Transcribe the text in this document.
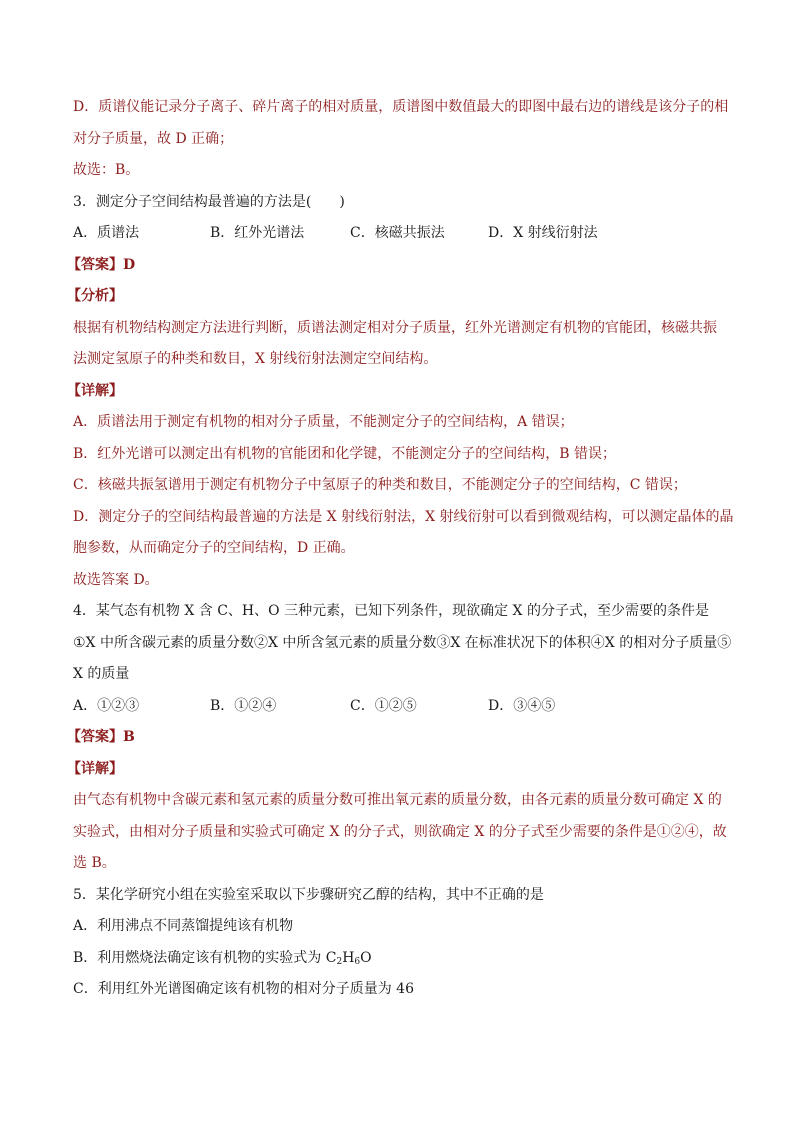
D．质谱仪能记录分子离子、碎片离子的相对质量，质谱图中数值最大的即图中最右边的谱线是该分子的相
对分子质量，故 D 正确；
故选：B。
3．测定分子空间结构最普遍的方法是(　　)
A．质谱法	B．红外光谱法	C．核磁共振法	D．X 射线衍射法
【答案】D
【分析】
根据有机物结构测定方法进行判断，质谱法测定相对分子质量，红外光谱测定有机物的官能团，核磁共振
法测定氢原子的种类和数目，X 射线衍射法测定空间结构。
【详解】
A．质谱法用于测定有机物的相对分子质量，不能测定分子的空间结构，A 错误；
B．红外光谱可以测定出有机物的官能团和化学键，不能测定分子的空间结构，B 错误；
C．核磁共振氢谱用于测定有机物分子中氢原子的种类和数目，不能测定分子的空间结构，C 错误；
D．测定分子的空间结构最普遍的方法是 X 射线衍射法，X 射线衍射可以看到微观结构，可以测定晶体的晶
胞参数，从而确定分子的空间结构，D 正确。
故选答案 D。
4．某气态有机物 X 含 C、H、O 三种元素，已知下列条件，现欲确定 X 的分子式，至少需要的条件是
①X 中所含碳元素的质量分数②X 中所含氢元素的质量分数③X 在标准状况下的体积④X 的相对分子质量⑤
X 的质量
A．①②③	B．①②④	C．①②⑤	D．③④⑤
【答案】B
【详解】
由气态有机物中含碳元素和氢元素的质量分数可推出氧元素的质量分数，由各元素的质量分数可确定 X 的
实验式，由相对分子质量和实验式可确定 X 的分子式，则欲确定 X 的分子式至少需要的条件是①②④，故
选 B。
5．某化学研究小组在实验室采取以下步骤研究乙醇的结构，其中不正确的是
A．利用沸点不同蒸馏提纯该有机物
B．利用燃烧法确定该有机物的实验式为 $C_2H_6O$
C．利用红外光谱图确定该有机物的相对分子质量为 46
